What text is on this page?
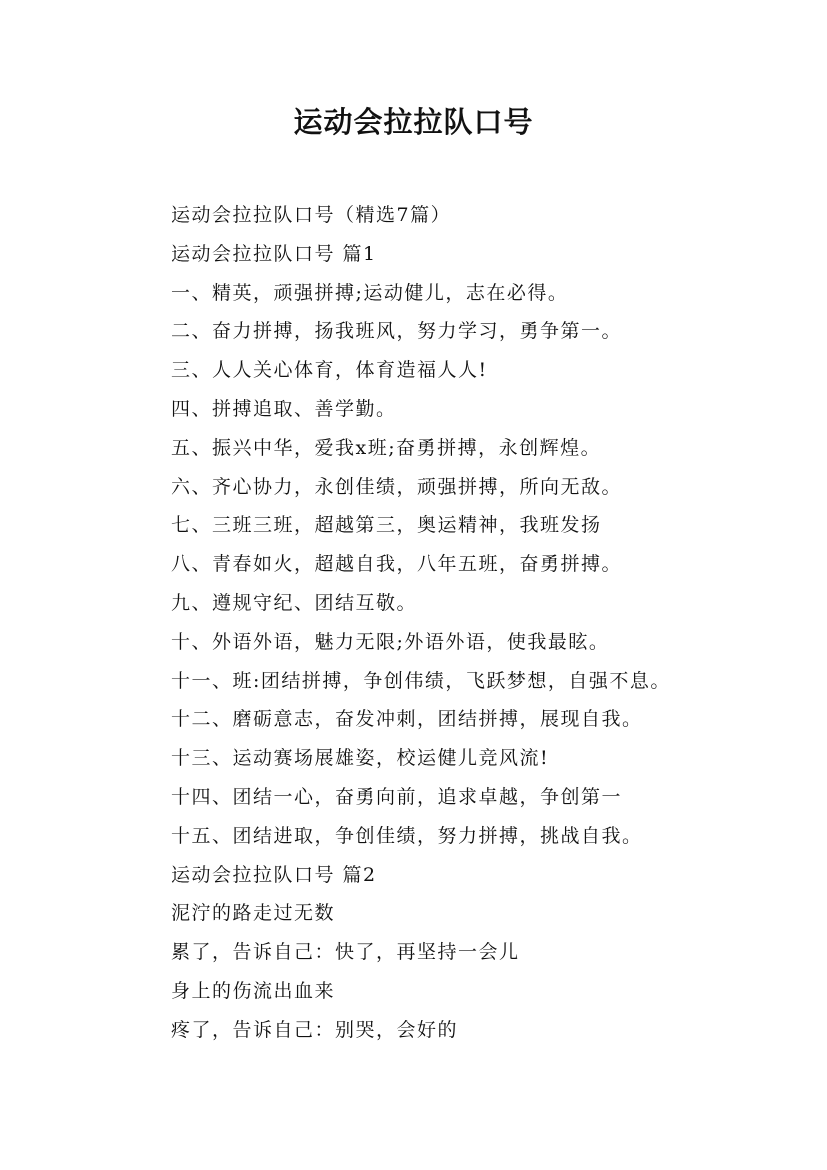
运动会拉拉队口号
运动会拉拉队口号（精选7篇）
运动会拉拉队口号 篇1
一、精英，顽强拼搏;运动健儿，志在必得。
二、奋力拼搏，扬我班风，努力学习，勇争第一。
三、人人关心体育，体育造福人人!
四、拼搏追取、善学勤。
五、振兴中华，爱我x班;奋勇拼搏，永创辉煌。
六、齐心协力，永创佳绩，顽强拼搏，所向无敌。
七、三班三班，超越第三，奥运精神，我班发扬
八、青春如火，超越自我，八年五班，奋勇拼搏。
九、遵规守纪、团结互敬。
十、外语外语，魅力无限;外语外语，使我最眩。
十一、班:团结拼搏，争创伟绩，飞跃梦想，自强不息。
十二、磨砺意志，奋发冲刺，团结拼搏，展现自我。
十三、运动赛场展雄姿，校运健儿竞风流!
十四、团结一心，奋勇向前，追求卓越，争创第一
十五、团结进取，争创佳绩，努力拼搏，挑战自我。
运动会拉拉队口号 篇2
泥泞的路走过无数
累了，告诉自己：快了，再坚持一会儿
身上的伤流出血来
疼了，告诉自己：别哭，会好的
